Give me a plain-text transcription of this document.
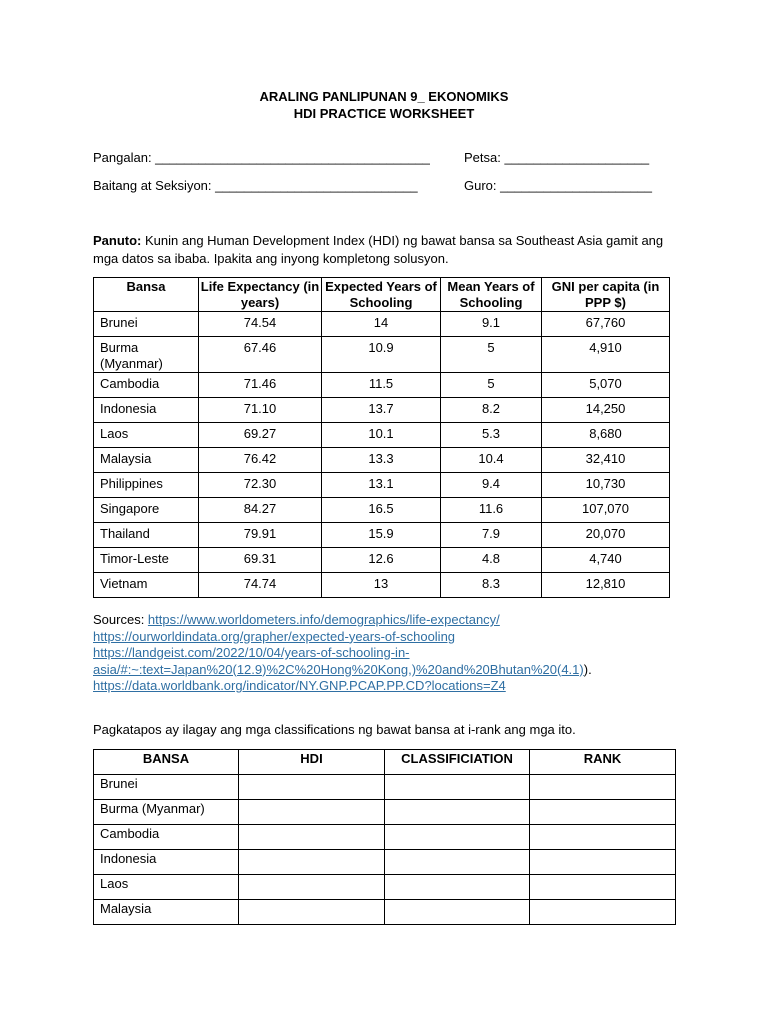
ARALING PANLIPUNAN 9_ EKONOMIKS
HDI PRACTICE WORKSHEET
Pangalan: ______________________________________	Petsa: ____________________
Baitang at Seksiyon: ____________________________	Guro: _____________________
Panuto: Kunin ang Human Development Index (HDI) ng bawat bansa sa Southeast Asia gamit ang mga datos sa ibaba. Ipakita ang inyong kompletong solusyon.
Bansa	Life Expectancy (in years)	Expected Years of Schooling	Mean Years of Schooling	GNI per capita (in PPP $)
Brunei	74.54	14	9.1	67,760
Burma (Myanmar)	67.46	10.9	5	4,910
Cambodia	71.46	11.5	5	5,070
Indonesia	71.10	13.7	8.2	14,250
Laos	69.27	10.1	5.3	8,680
Malaysia	76.42	13.3	10.4	32,410
Philippines	72.30	13.1	9.4	10,730
Singapore	84.27	16.5	11.6	107,070
Thailand	79.91	15.9	7.9	20,070
Timor-Leste	69.31	12.6	4.8	4,740
Vietnam	74.74	13	8.3	12,810
Sources: https://www.worldometers.info/demographics/life-expectancy/
https://ourworldindata.org/grapher/expected-years-of-schooling
https://landgeist.com/2022/10/04/years-of-schooling-in-
asia/#:~:text=Japan%20(12.9)%2C%20Hong%20Kong,)%20and%20Bhutan%20(4.1)).
https://data.worldbank.org/indicator/NY.GNP.PCAP.PP.CD?locations=Z4
Pagkatapos ay ilagay ang mga classifications ng bawat bansa at i-rank ang mga ito.
BANSA	HDI	CLASSIFICIATION	RANK
Brunei			
Burma (Myanmar)			
Cambodia			
Indonesia			
Laos			
Malaysia			
